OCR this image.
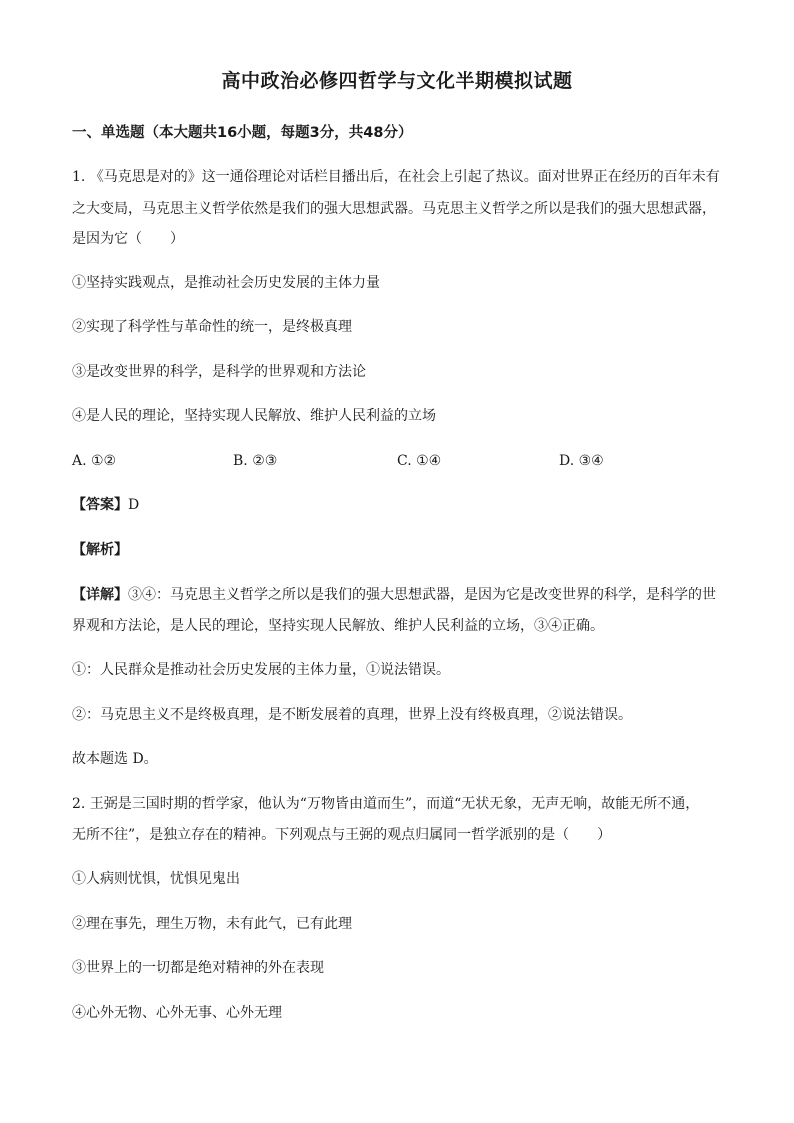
高中政治必修四哲学与文化半期模拟试题
一、单选题（本大题共16小题，每题3分，共48分）
1. 《马克思是对的》这一通俗理论对话栏目播出后，在社会上引起了热议。面对世界正在经历的百年未有
之大变局，马克思主义哲学依然是我们的强大思想武器。马克思主义哲学之所以是我们的强大思想武器，
是因为它（　　）
①坚持实践观点，是推动社会历史发展的主体力量
②实现了科学性与革命性的统一，是终极真理
③是改变世界的科学，是科学的世界观和方法论
④是人民的理论，坚持实现人民解放、维护人民利益的立场
A. ①②	B. ②③	C. ①④	D. ③④
【答案】D
【解析】
【详解】③④：马克思主义哲学之所以是我们的强大思想武器，是因为它是改变世界的科学，是科学的世
界观和方法论，是人民的理论，坚持实现人民解放、维护人民利益的立场，③④正确。
①：人民群众是推动社会历史发展的主体力量，①说法错误。
②：马克思主义不是终极真理，是不断发展着的真理，世界上没有终极真理，②说法错误。
故本题选 D。
2. 王弼是三国时期的哲学家，他认为“万物皆由道而生”，而道“无状无象，无声无响，故能无所不通，
无所不往”，是独立存在的精神。下列观点与王弼的观点归属同一哲学派别的是（　　）
①人病则忧惧，忧惧见鬼出
②理在事先，理生万物，未有此气，已有此理
③世界上的一切都是绝对精神的外在表现
④心外无物、心外无事、心外无理
